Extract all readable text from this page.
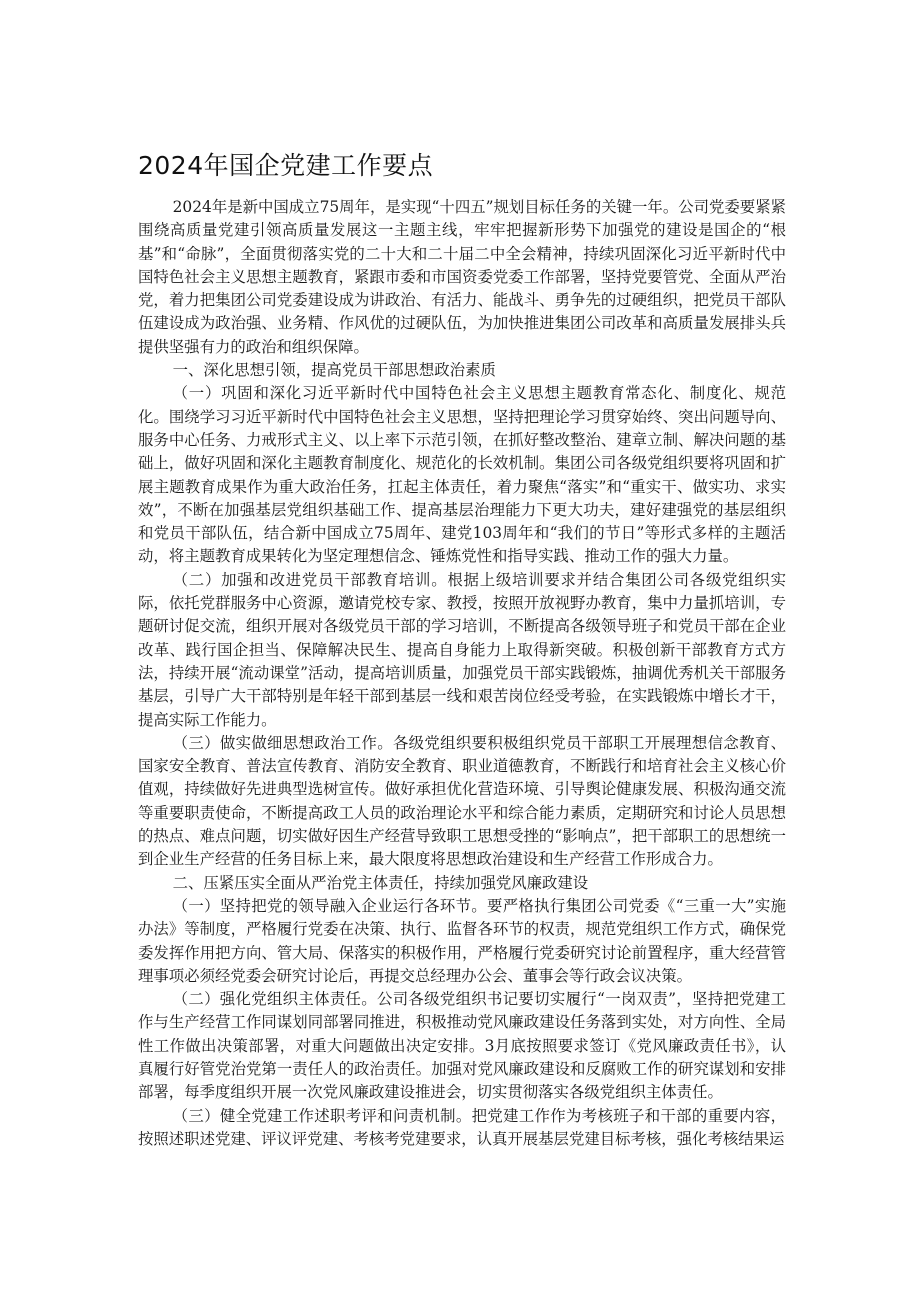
2024年国企党建工作要点

2024年是新中国成立75周年，是实现“十四五”规划目标任务的关键一年。公司党委要紧紧围绕高质量党建引领高质量发展这一主题主线，牢牢把握新形势下加强党的建设是国企的“根基”和“命脉”，全面贯彻落实党的二十大和二十届二中全会精神，持续巩固深化习近平新时代中国特色社会主义思想主题教育，紧跟市委和市国资委党委工作部署，坚持党要管党、全面从严治党，着力把集团公司党委建设成为讲政治、有活力、能战斗、勇争先的过硬组织，把党员干部队伍建设成为政治强、业务精、作风优的过硬队伍，为加快推进集团公司改革和高质量发展排头兵提供坚强有力的政治和组织保障。

一、深化思想引领，提高党员干部思想政治素质

（一）巩固和深化习近平新时代中国特色社会主义思想主题教育常态化、制度化、规范化。围绕学习习近平新时代中国特色社会主义思想，坚持把理论学习贯穿始终、突出问题导向、服务中心任务、力戒形式主义、以上率下示范引领，在抓好整改整治、建章立制、解决问题的基础上，做好巩固和深化主题教育制度化、规范化的长效机制。集团公司各级党组织要将巩固和扩展主题教育成果作为重大政治任务，扛起主体责任，着力聚焦“落实”和“重实干、做实功、求实效”，不断在加强基层党组织基础工作、提高基层治理能力下更大功夫，建好建强党的基层组织和党员干部队伍，结合新中国成立75周年、建党103周年和“我们的节日”等形式多样的主题活动，将主题教育成果转化为坚定理想信念、锤炼党性和指导实践、推动工作的强大力量。

（二）加强和改进党员干部教育培训。根据上级培训要求并结合集团公司各级党组织实际，依托党群服务中心资源，邀请党校专家、教授，按照开放视野办教育，集中力量抓培训，专题研讨促交流，组织开展对各级党员干部的学习培训，不断提高各级领导班子和党员干部在企业改革、践行国企担当、保障解决民生、提高自身能力上取得新突破。积极创新干部教育方式方法，持续开展“流动课堂”活动，提高培训质量，加强党员干部实践锻炼，抽调优秀机关干部服务基层，引导广大干部特别是年轻干部到基层一线和艰苦岗位经受考验，在实践锻炼中增长才干，提高实际工作能力。

（三）做实做细思想政治工作。各级党组织要积极组织党员干部职工开展理想信念教育、国家安全教育、普法宣传教育、消防安全教育、职业道德教育，不断践行和培育社会主义核心价值观，持续做好先进典型选树宣传。做好承担优化营造环境、引导舆论健康发展、积极沟通交流等重要职责使命，不断提高政工人员的政治理论水平和综合能力素质，定期研究和讨论人员思想的热点、难点问题，切实做好因生产经营导致职工思想受挫的“影响点”，把干部职工的思想统一到企业生产经营的任务目标上来，最大限度将思想政治建设和生产经营工作形成合力。

二、压紧压实全面从严治党主体责任，持续加强党风廉政建设

（一）坚持把党的领导融入企业运行各环节。要严格执行集团公司党委《“三重一大”实施办法》等制度，严格履行党委在决策、执行、监督各环节的权责，规范党组织工作方式，确保党委发挥作用把方向、管大局、保落实的积极作用，严格履行党委研究讨论前置程序，重大经营管理事项必须经党委会研究讨论后，再提交总经理办公会、董事会等行政会议决策。

（二）强化党组织主体责任。公司各级党组织书记要切实履行“一岗双责”，坚持把党建工作与生产经营工作同谋划同部署同推进，积极推动党风廉政建设任务落到实处，对方向性、全局性工作做出决策部署，对重大问题做出决定安排。3月底按照要求签订《党风廉政责任书》，认真履行好管党治党第一责任人的政治责任。加强对党风廉政建设和反腐败工作的研究谋划和安排部署，每季度组织开展一次党风廉政建设推进会，切实贯彻落实各级党组织主体责任。

（三）健全党建工作述职考评和问责机制。把党建工作作为考核班子和干部的重要内容，按照述职述党建、评议评党建、考核考党建要求，认真开展基层党建目标考核，强化考核结果运
